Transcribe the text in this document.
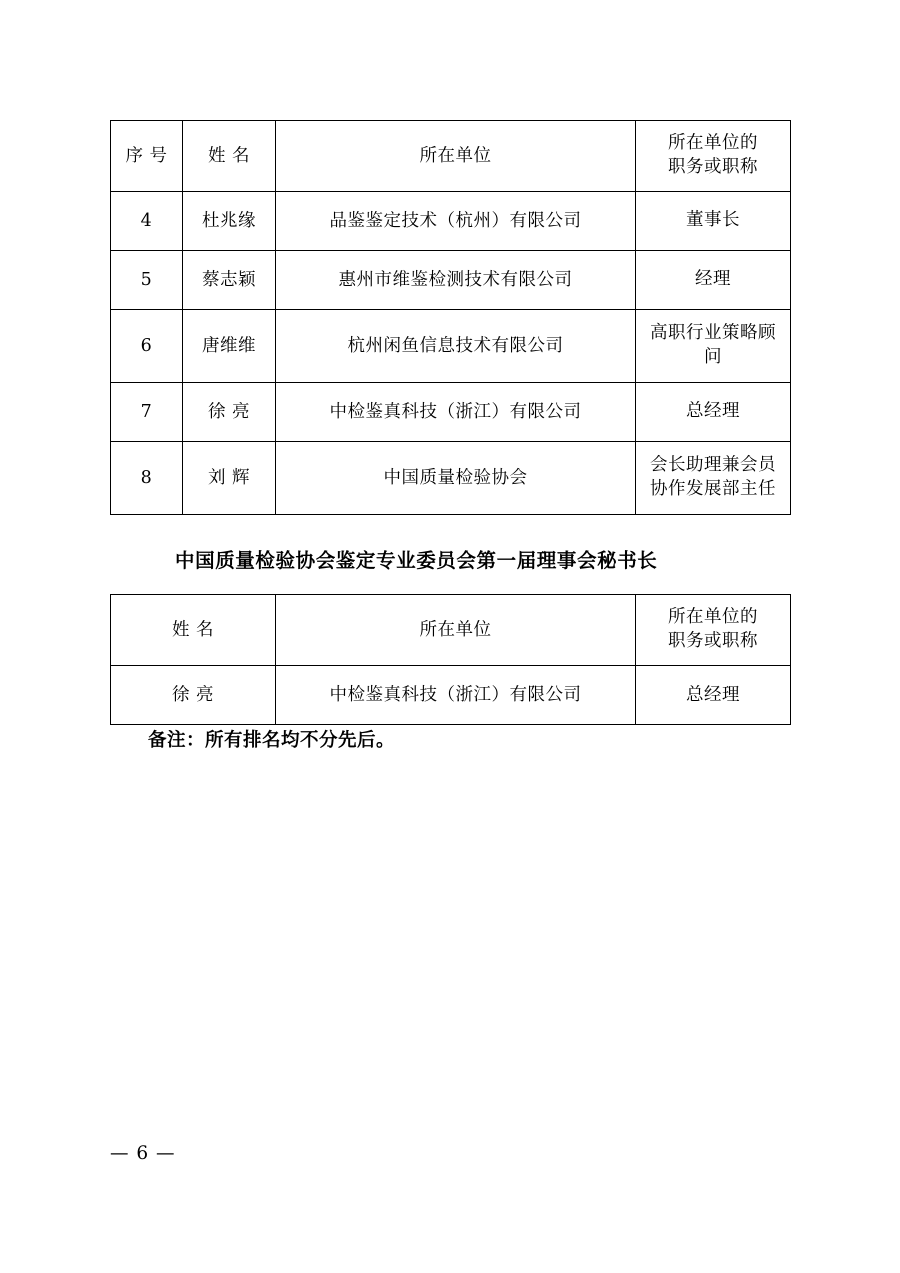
序 号	姓 名	所在单位	所在单位的
职务或职称

4	杜兆缘	品鉴鉴定技术（杭州）有限公司	董事长

5	蔡志颖	惠州市维鉴检测技术有限公司	经理

6	唐维维	杭州闲鱼信息技术有限公司	高职行业策略顾
问

7	徐 亮	中检鉴真科技（浙江）有限公司	总经理

8	刘 辉	中国质量检验协会	会长助理兼会员
协作发展部主任
中国质量检验协会鉴定专业委员会第一届理事会秘书长
姓 名	所在单位	所在单位的
职务或职称

徐 亮	中检鉴真科技（浙江）有限公司	总经理
备注：所有排名均不分先后。
— 6 —
